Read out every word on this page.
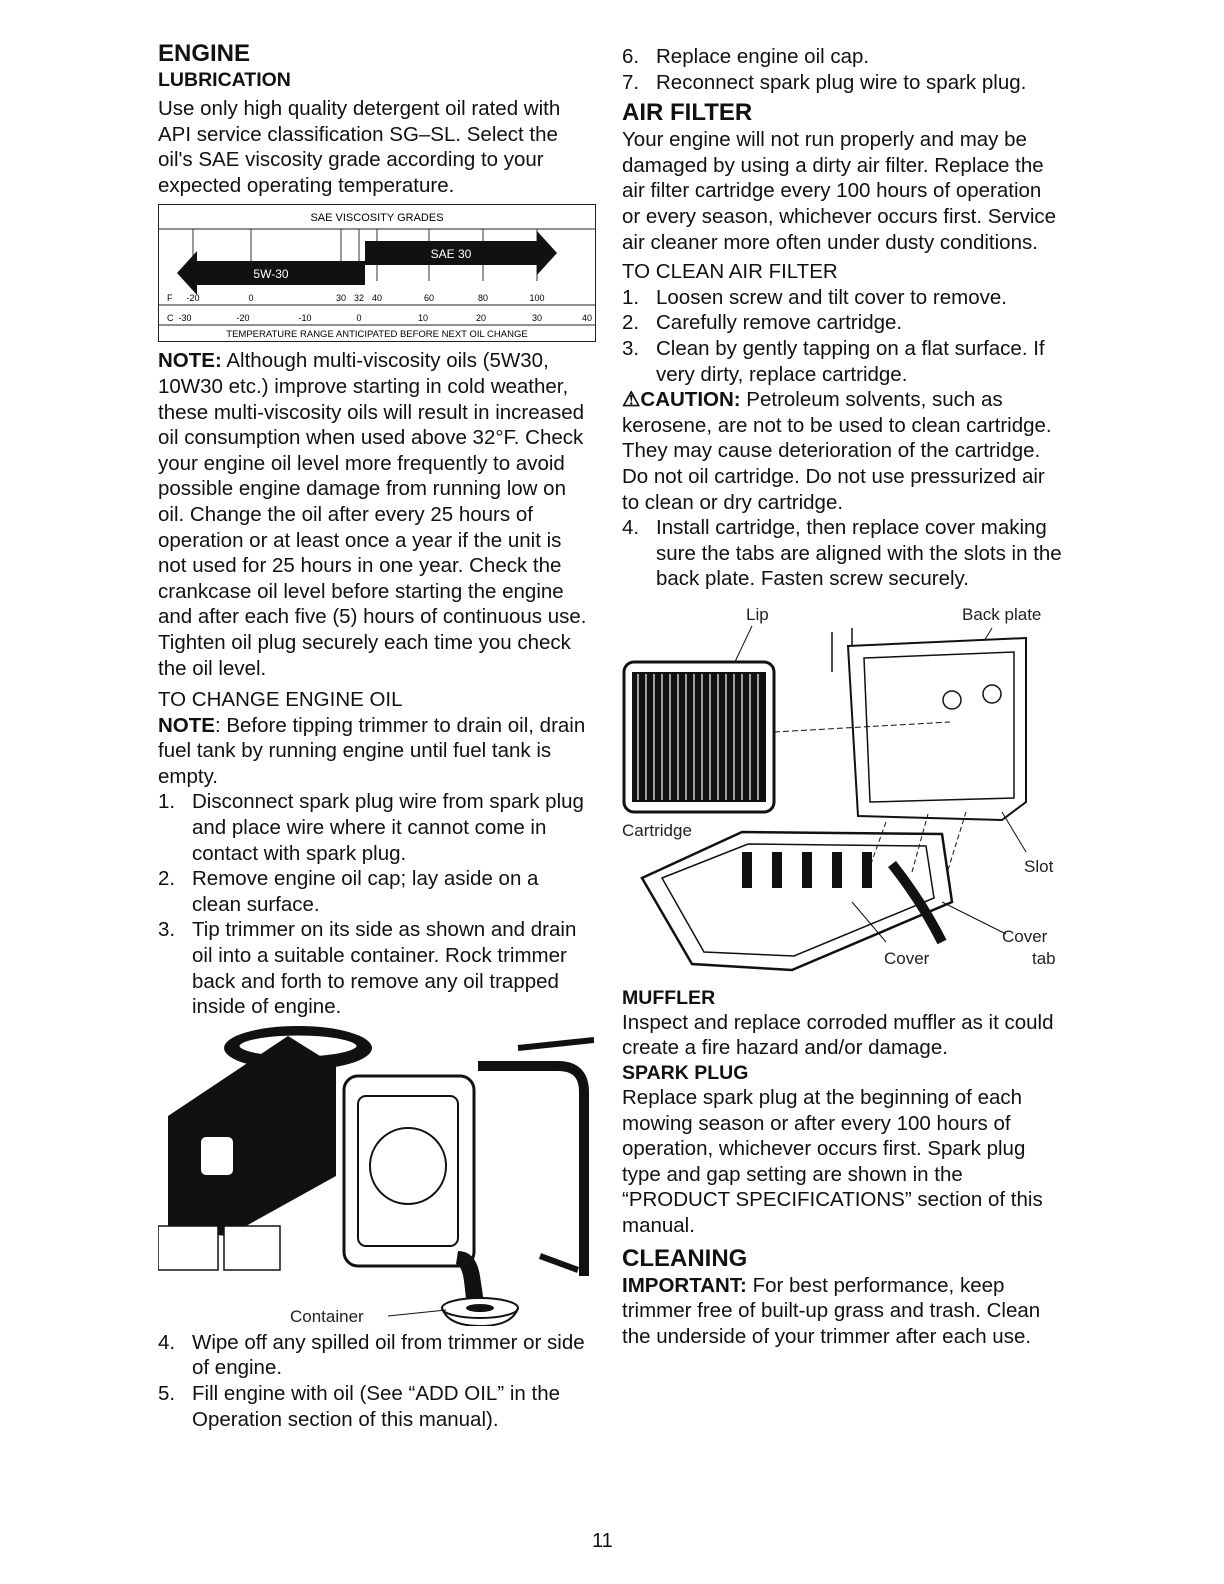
ENGINE
LUBRICATION

Use only high quality detergent oil rated with API service classification SG–SL. Select the oil's SAE viscosity grade according to your expected operating temperature.

SAE VISCOSITY GRADES
SAE 30
5W-30
F -20	0	30 32 40	60	80	100
C -30	-20	-10	0	10	20	30	40
TEMPERATURE RANGE ANTICIPATED BEFORE NEXT OIL CHANGE

NOTE: Although multi-viscosity oils (5W30, 10W30 etc.) improve starting in cold weather, these multi-viscosity oils will result in increased oil consumption when used above 32°F. Check your engine oil level more frequently to avoid possible engine damage from running low on oil. Change the oil after every 25 hours of operation or at least once a year if the unit is not used for 25 hours in one year. Check the crankcase oil level before starting the engine and after each five (5) hours of continuous use. Tighten oil plug securely each time you check the oil level.

TO CHANGE ENGINE OIL

NOTE: Before tipping trimmer to drain oil, drain fuel tank by running engine until fuel tank is empty.

1. Disconnect spark plug wire from spark plug and place wire where it cannot come in contact with spark plug.
2. Remove engine oil cap; lay aside on a clean surface.
3. Tip trimmer on its side as shown and drain oil into a suitable container. Rock trimmer back and forth to remove any oil trapped inside of engine.
Container
4. Wipe off any spilled oil from trimmer or side of engine.
5. Fill engine with oil (See “ADD OIL” in the Operation section of this manual).
6. Replace engine oil cap.
7. Reconnect spark plug wire to spark plug.
AIR FILTER

Your engine will not run properly and may be damaged by using a dirty air filter. Replace the air filter cartridge every 100 hours of operation or every season, whichever occurs first. Service air cleaner more often under dusty conditions.

TO CLEAN AIR FILTER

1. Loosen screw and tilt cover to remove.
2. Carefully remove cartridge.
3. Clean by gently tapping on a flat surface. If very dirty, replace cartridge.

⚠CAUTION: Petroleum solvents, such as kerosene, are not to be used to clean cartridge. They may cause deterioration of the cartridge. Do not oil cartridge. Do not use pressurized air to clean or dry cartridge.

4. Install cartridge, then replace cover making sure the tabs are aligned with the slots in the back plate. Fasten screw securely.
Lip	Back plate
Cartridge
Slot
Cover
tab
Cover
MUFFLER

Inspect and replace corroded muffler as it could create a fire hazard and/or damage.

SPARK PLUG

Replace spark plug at the beginning of each mowing season or after every 100 hours of operation, whichever occurs first. Spark plug type and gap setting are shown in the “PRODUCT SPECIFICATIONS” section of this manual.

CLEANING

IMPORTANT: For best performance, keep trimmer free of built-up grass and trash. Clean the underside of your trimmer after each use.

11
